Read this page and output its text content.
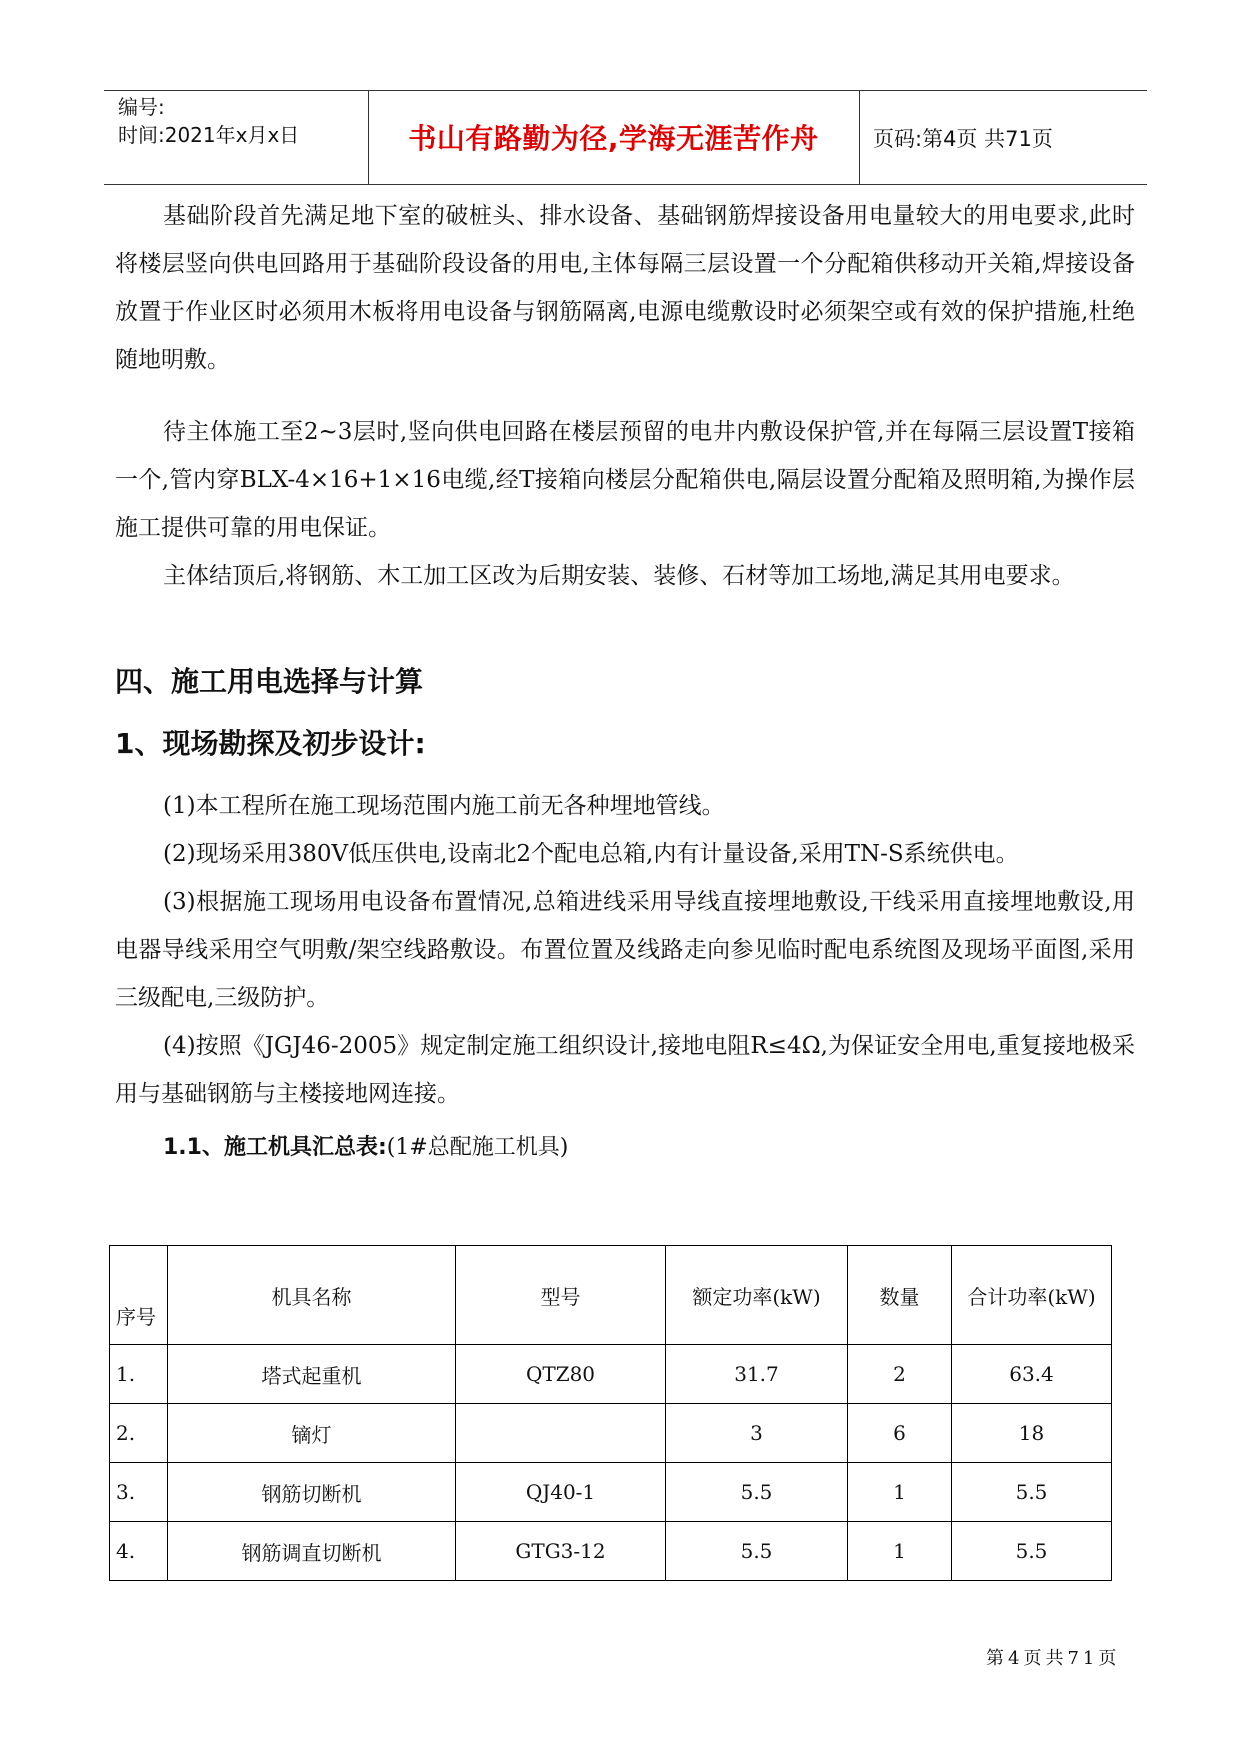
编号:
时间:2021年x月x日	书山有路勤为径,学海无涯苦作舟	页码:第4页 共71页

基础阶段首先满足地下室的破桩头、排水设备、基础钢筋焊接设备用电量较大的用电要求,此时将楼层竖向供电回路用于基础阶段设备的用电,主体每隔三层设置一个分配箱供移动开关箱,焊接设备放置于作业区时必须用木板将用电设备与钢筋隔离,电源电缆敷设时必须架空或有效的保护措施,杜绝随地明敷。

待主体施工至2~3层时,竖向供电回路在楼层预留的电井内敷设保护管,并在每隔三层设置T接箱一个,管内穿BLX-4×16+1×16电缆,经T接箱向楼层分配箱供电,隔层设置分配箱及照明箱,为操作层施工提供可靠的用电保证。

主体结顶后,将钢筋、木工加工区改为后期安装、装修、石材等加工场地,满足其用电要求。

四、施工用电选择与计算
1、现场勘探及初步设计:

(1)本工程所在施工现场范围内施工前无各种埋地管线。

(2)现场采用380V低压供电,设南北2个配电总箱,内有计量设备,采用TN-S系统供电。

(3)根据施工现场用电设备布置情况,总箱进线采用导线直接埋地敷设,干线采用直接埋地敷设,用电器导线采用空气明敷/架空线路敷设。布置位置及线路走向参见临时配电系统图及现场平面图,采用三级配电,三级防护。

(4)按照《JGJ46-2005》规定制定施工组织设计,接地电阻R≤4Ω,为保证安全用电,重复接地极采用与基础钢筋与主楼接地网连接。

1.1、施工机具汇总表:(1#总配施工机具)

序号	机具名称	型号	额定功率(kW)	数量	合计功率(kW)
1.	塔式起重机	QTZ80	31.7	2	63.4
2.	镝灯		3	6	18
3.	钢筋切断机	QJ40-1	5.5	1	5.5
4.	钢筋调直切断机	GTG3-12	5.5	1	5.5
第4页共71页
